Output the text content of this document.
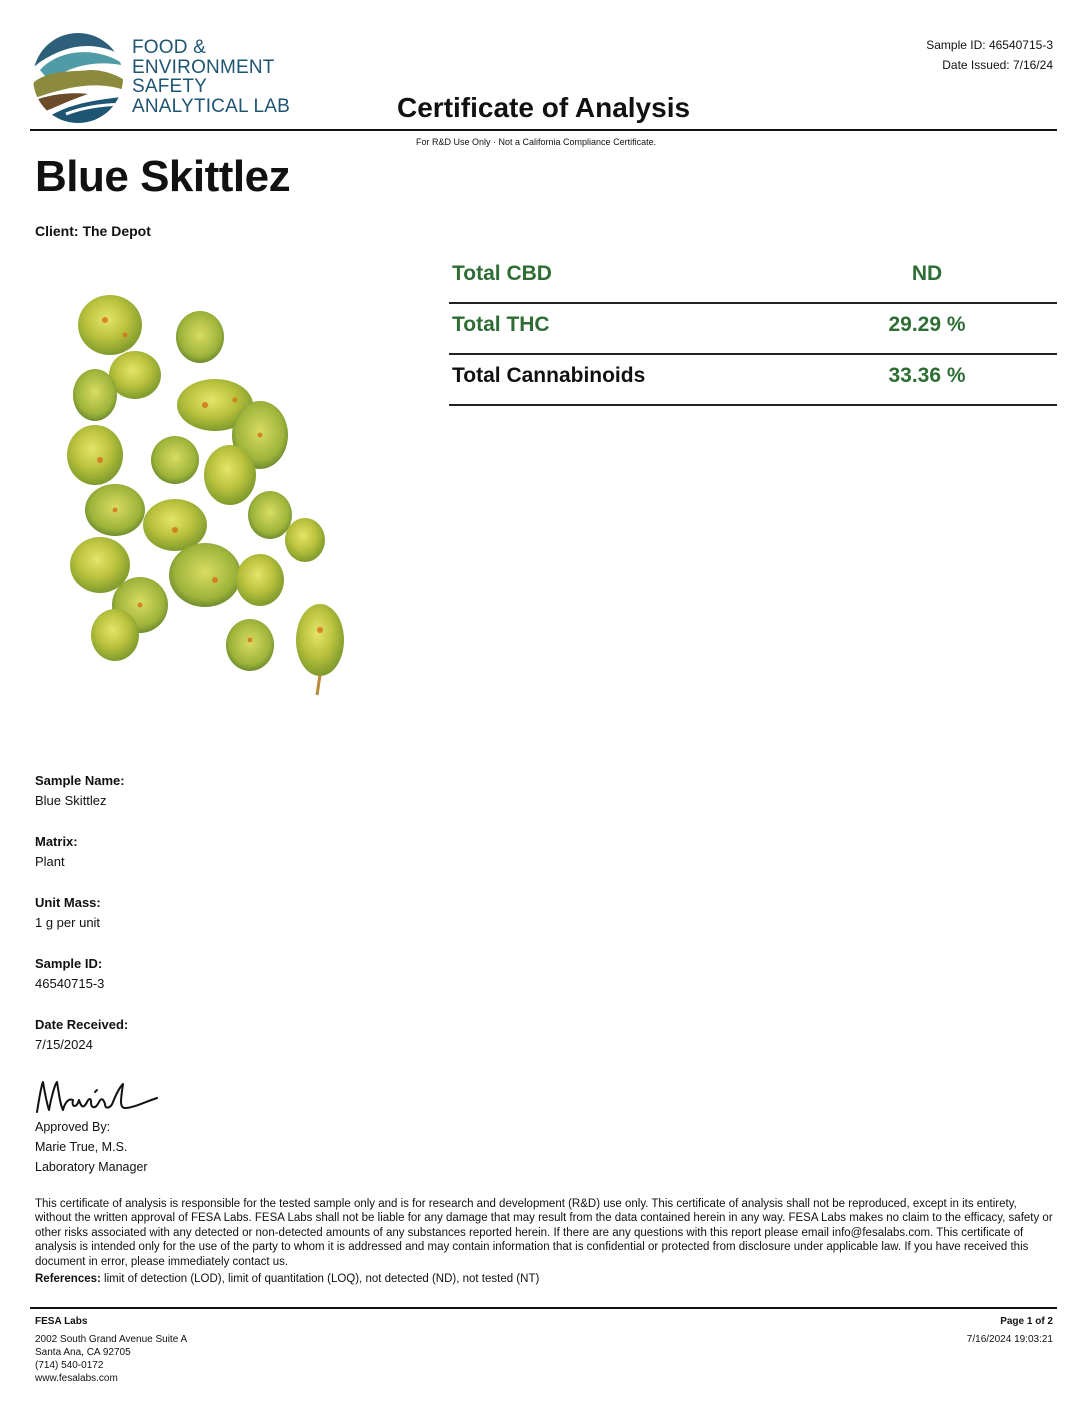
FOOD &
ENVIRONMENT
SAFETY
ANALYTICAL LAB
Sample ID: 46540715-3
Date Issued: 7/16/24
Certificate of Analysis
For R&D Use Only · Not a California Compliance Certificate.
Blue Skittlez
Client: The Depot
Total CBD	ND
Total THC	29.29 %
Total Cannabinoids	33.36 %
Sample Name:
Blue Skittlez
Matrix:
Plant
Unit Mass:
1 g per unit
Sample ID:
46540715-3
Date Received:
7/15/2024
Approved By:
Marie True, M.S.
Laboratory Manager
This certificate of analysis is responsible for the tested sample only and is for research and development (R&D) use only. This certificate of analysis shall not be reproduced, except in its entirety, without the written approval of FESA Labs. FESA Labs shall not be liable for any damage that may result from the data contained herein in any way. FESA Labs makes no claim to the efficacy, safety or other risks associated with any detected or non-detected amounts of any substances reported herein. If there are any questions with this report please email info@fesalabs.com. This certificate of analysis is intended only for the use of the party to whom it is addressed and may contain information that is confidential or protected from disclosure under applicable law. If you have received this document in error, please immediately contact us.
References: limit of detection (LOD), limit of quantitation (LOQ), not detected (ND), not tested (NT)
FESA Labs
2002 South Grand Avenue Suite A
Santa Ana, CA 92705
(714) 540-0172
www.fesalabs.com
Page 1 of 2
7/16/2024 19:03:21
